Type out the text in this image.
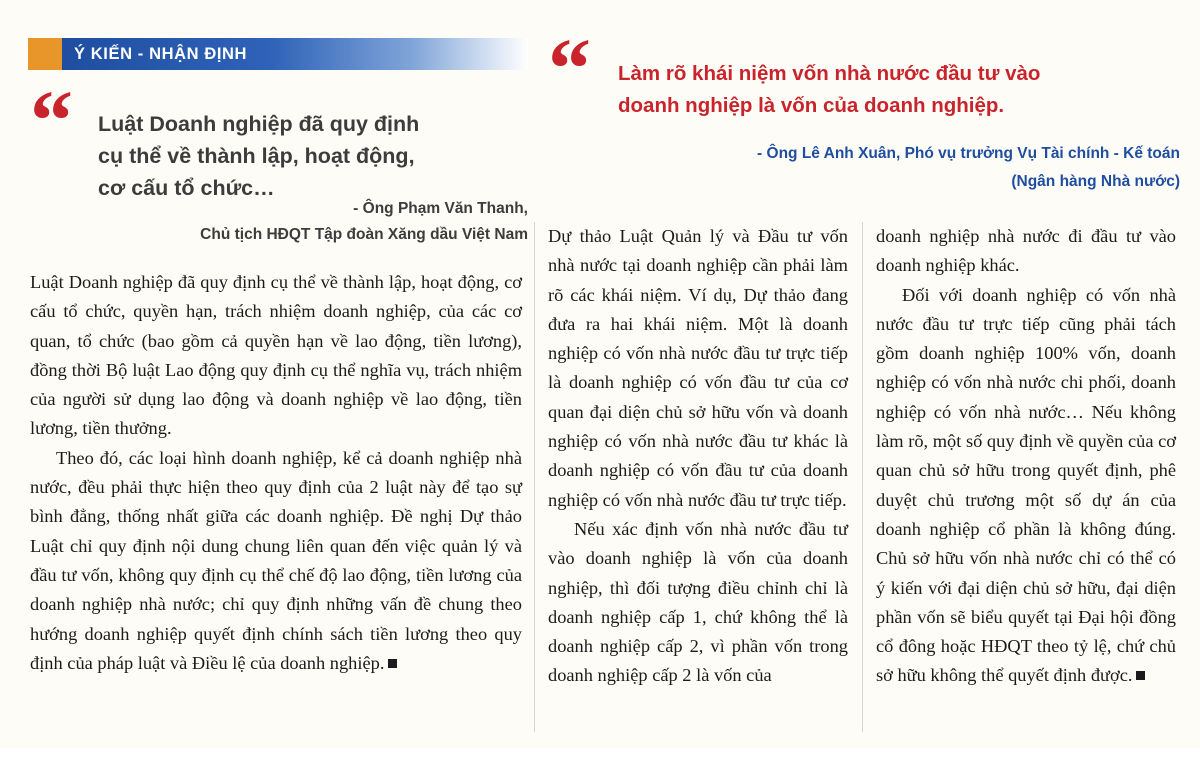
Ý KIẾN - NHẬN ĐỊNH
“ Luật Doanh nghiệp đã quy định
cụ thể về thành lập, hoạt động,
cơ cấu tổ chức…
- Ông Phạm Văn Thanh,
Chủ tịch HĐQT Tập đoàn Xăng dầu Việt Nam
“ Làm rõ khái niệm vốn nhà nước đầu tư vào
doanh nghiệp là vốn của doanh nghiệp.
- Ông Lê Anh Xuân, Phó vụ trưởng Vụ Tài chính - Kế toán
(Ngân hàng Nhà nước)

Luật Doanh nghiệp đã quy định cụ thể về thành lập, hoạt động, cơ cấu tổ chức, quyền hạn, trách nhiệm doanh nghiệp, của các cơ quan, tổ chức (bao gồm cả quyền hạn về lao động, tiền lương), đồng thời Bộ luật Lao động quy định cụ thể nghĩa vụ, trách nhiệm của người sử dụng lao động và doanh nghiệp về lao động, tiền lương, tiền thưởng.

Theo đó, các loại hình doanh nghiệp, kể cả doanh nghiệp nhà nước, đều phải thực hiện theo quy định của 2 luật này để tạo sự bình đẳng, thống nhất giữa các doanh nghiệp. Đề nghị Dự thảo Luật chỉ quy định nội dung chung liên quan đến việc quản lý và đầu tư vốn, không quy định cụ thể chế độ lao động, tiền lương của doanh nghiệp nhà nước; chỉ quy định những vấn đề chung theo hướng doanh nghiệp quyết định chính sách tiền lương theo quy định của pháp luật và Điều lệ của doanh nghiệp.

Dự thảo Luật Quản lý và Đầu tư vốn nhà nước tại doanh nghiệp cần phải làm rõ các khái niệm. Ví dụ, Dự thảo đang đưa ra hai khái niệm. Một là doanh nghiệp có vốn nhà nước đầu tư trực tiếp là doanh nghiệp có vốn đầu tư của cơ quan đại diện chủ sở hữu vốn và doanh nghiệp có vốn nhà nước đầu tư khác là doanh nghiệp có vốn đầu tư của doanh nghiệp có vốn nhà nước đầu tư trực tiếp.

Nếu xác định vốn nhà nước đầu tư vào doanh nghiệp là vốn của doanh nghiệp, thì đối tượng điều chỉnh chỉ là doanh nghiệp cấp 1, chứ không thể là doanh nghiệp cấp 2, vì phần vốn trong doanh nghiệp cấp 2 là vốn của

doanh nghiệp nhà nước đi đầu tư vào doanh nghiệp khác.

Đối với doanh nghiệp có vốn nhà nước đầu tư trực tiếp cũng phải tách gồm doanh nghiệp 100% vốn, doanh nghiệp có vốn nhà nước chi phối, doanh nghiệp có vốn nhà nước… Nếu không làm rõ, một số quy định về quyền của cơ quan chủ sở hữu trong quyết định, phê duyệt chủ trương một số dự án của doanh nghiệp cổ phần là không đúng. Chủ sở hữu vốn nhà nước chỉ có thể có ý kiến với đại diện chủ sở hữu, đại diện phần vốn sẽ biểu quyết tại Đại hội đồng cổ đông hoặc HĐQT theo tỷ lệ, chứ chủ sở hữu không thể quyết định được.
